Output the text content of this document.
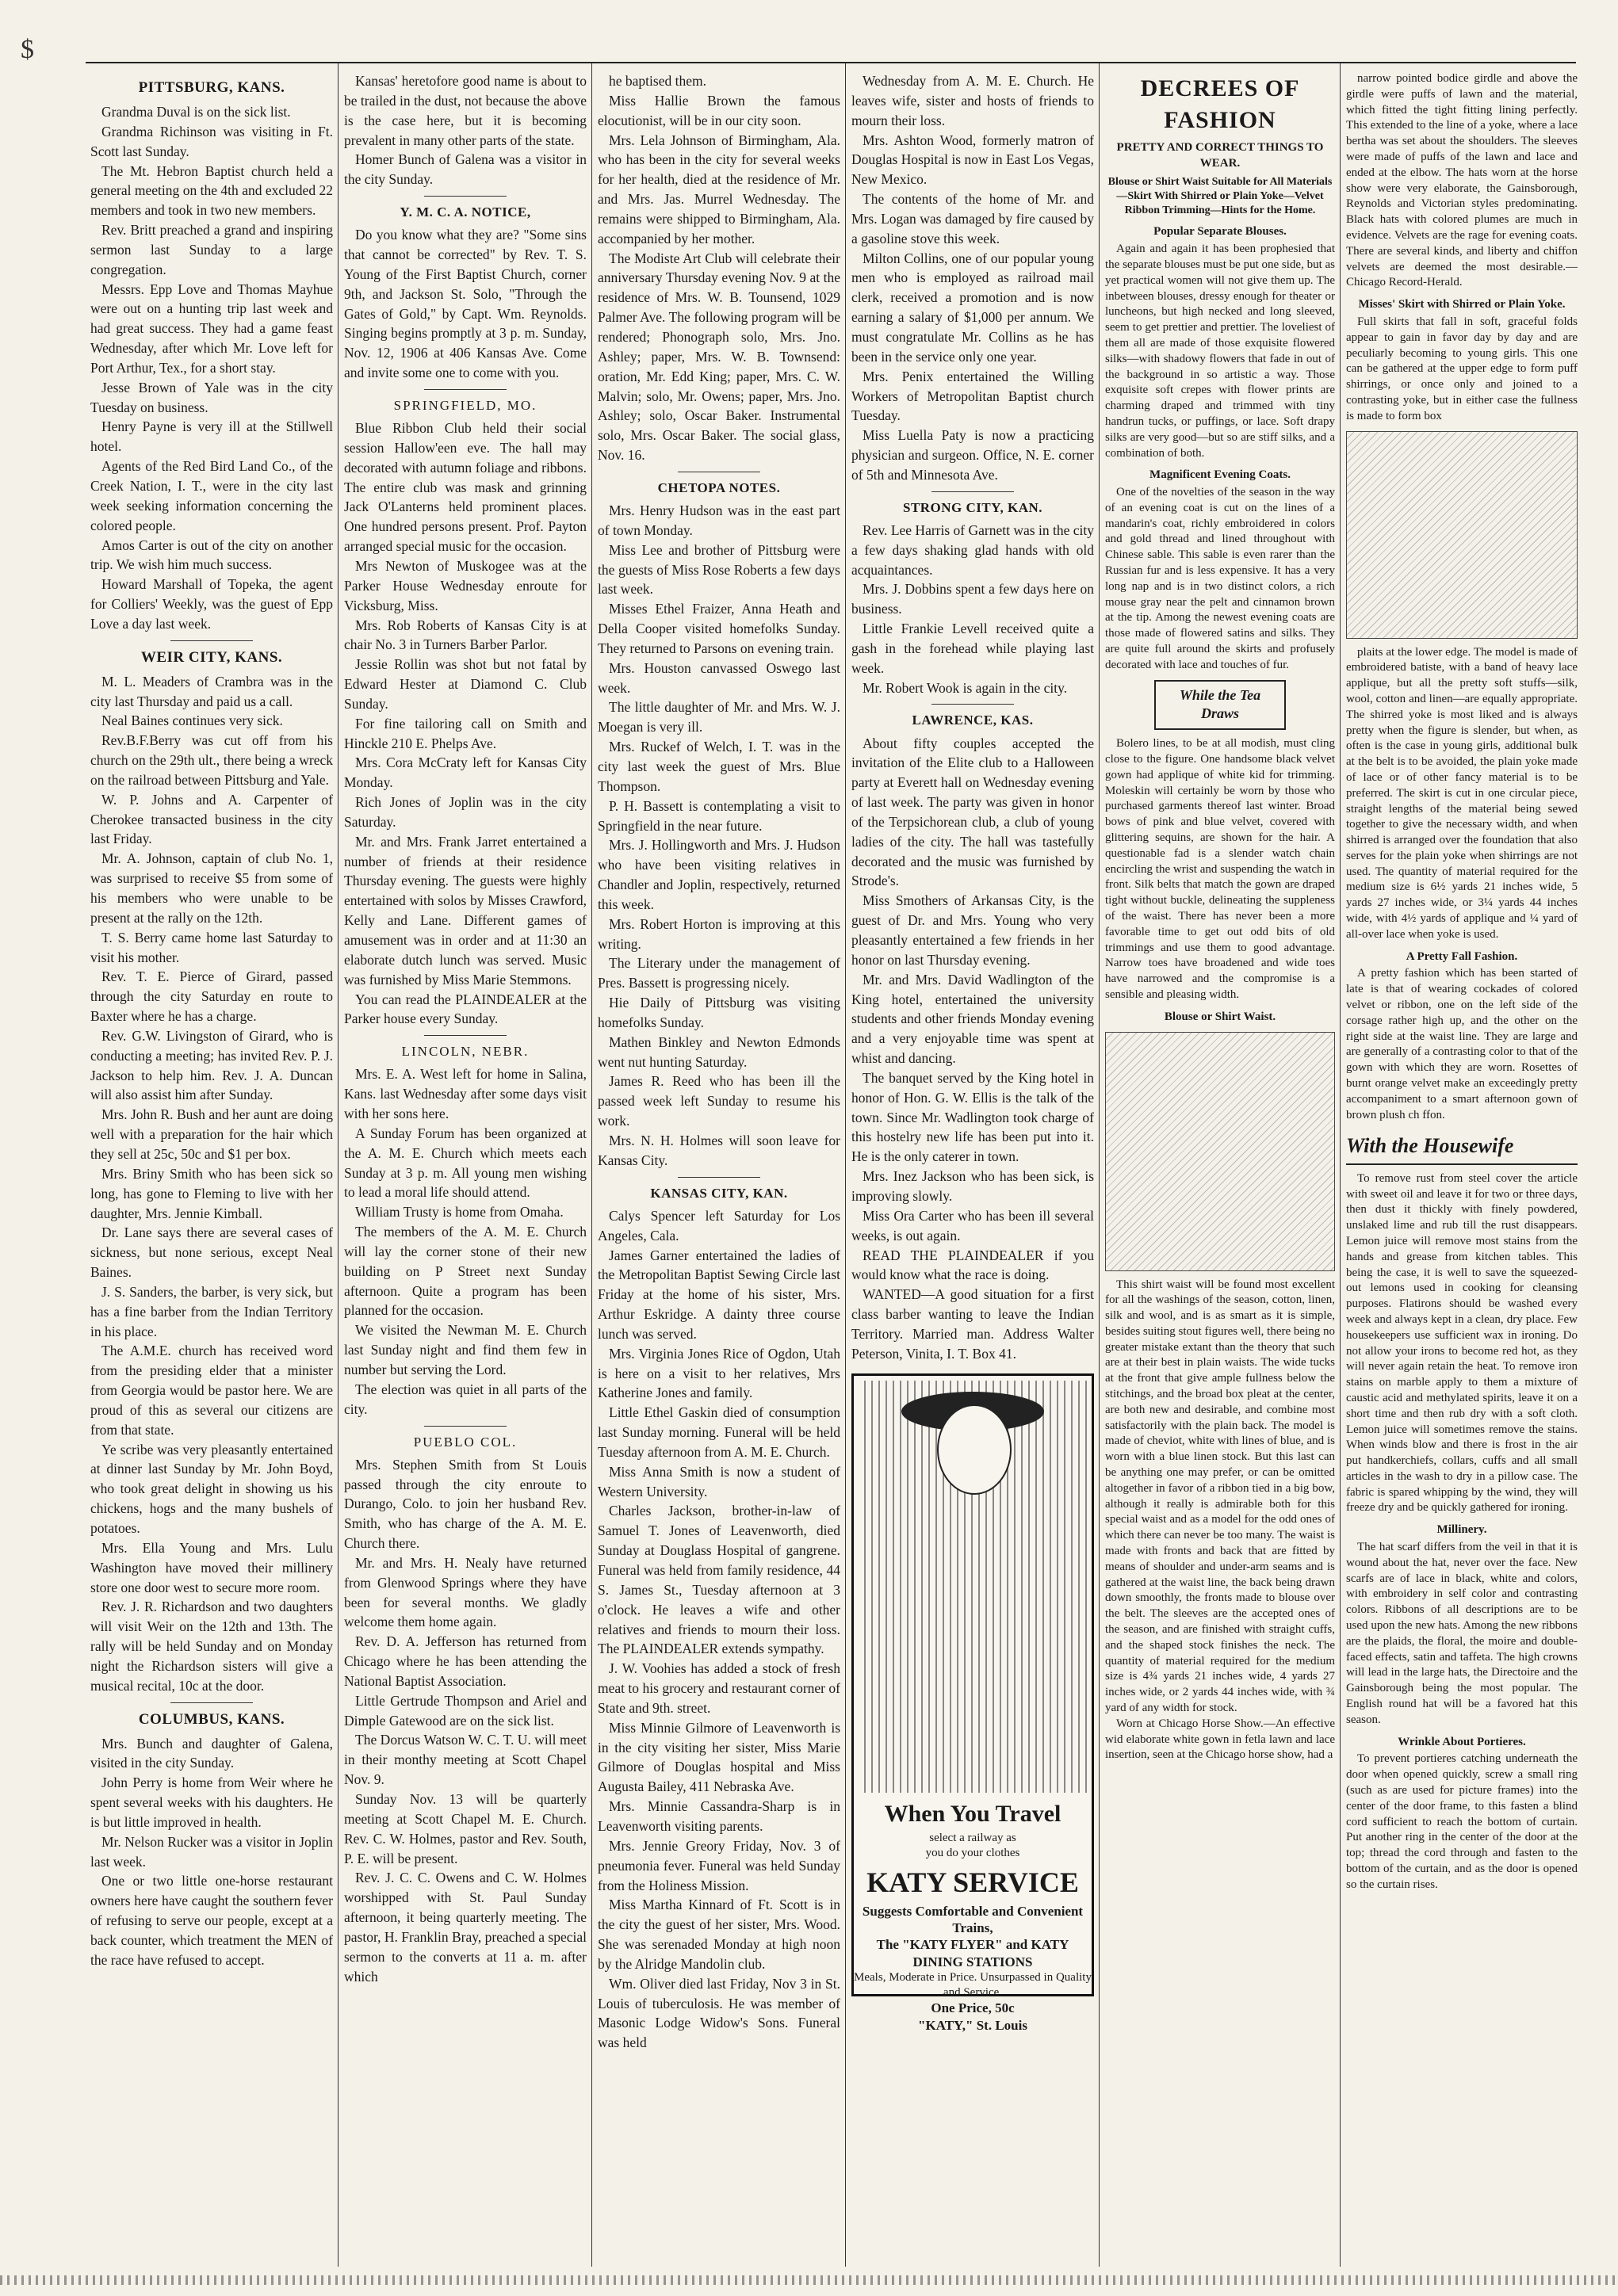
$
PITTSBURG, KANS.

Grandma Duval is on the sick list.

Grandma Richinson was visiting in Ft. Scott last Sunday.

The Mt. Hebron Baptist church held a general meeting on the 4th and excluded 22 members and took in two new members.

Rev. Britt preached a grand and inspiring sermon last Sunday to a large congregation.

Messrs. Epp Love and Thomas Mayhue were out on a hunting trip last week and had great success. They had a game feast Wednesday, after which Mr. Love left for Port Arthur, Tex., for a short stay.

Jesse Brown of Yale was in the city Tuesday on business.

Henry Payne is very ill at the Stillwell hotel.

Agents of the Red Bird Land Co., of the Creek Nation, I. T., were in the city last week seeking information concerning the colored people.

Amos Carter is out of the city on another trip. We wish him much success.

Howard Marshall of Topeka, the agent for Colliers' Weekly, was the guest of Epp Love a day last week.

WEIR CITY, KANS.

M. L. Meaders of Crambra was in the city last Thursday and paid us a call.

Neal Baines continues very sick.

Rev.B.F.Berry was cut off from his church on the 29th ult., there being a wreck on the railroad between Pittsburg and Yale.

W. P. Johns and A. Carpenter of Cherokee transacted business in the city last Friday.

Mr. A. Johnson, captain of club No. 1, was surprised to receive $5 from some of his members who were unable to be present at the rally on the 12th.

T. S. Berry came home last Saturday to visit his mother.

Rev. T. E. Pierce of Girard, passed through the city Saturday en route to Baxter where he has a charge.

Rev. G.W. Livingston of Girard, who is conducting a meeting; has invited Rev. P. J. Jackson to help him. Rev. J. A. Duncan will also assist him after Sunday.

Mrs. John R. Bush and her aunt are doing well with a preparation for the hair which they sell at 25c, 50c and $1 per box.

Mrs. Briny Smith who has been sick so long, has gone to Fleming to live with her daughter, Mrs. Jennie Kimball.

Dr. Lane says there are several cases of sickness, but none serious, except Neal Baines.

J. S. Sanders, the barber, is very sick, but has a fine barber from the Indian Territory in his place.

The A.M.E. church has received word from the presiding elder that a minister from Georgia would be pastor here. We are proud of this as several our citizens are from that state.

Ye scribe was very pleasantly entertained at dinner last Sunday by Mr. John Boyd, who took great delight in showing us his chickens, hogs and the many bushels of potatoes.

Mrs. Ella Young and Mrs. Lulu Washington have moved their millinery store one door west to secure more room.

Rev. J. R. Richardson and two daughters will visit Weir on the 12th and 13th. The rally will be held Sunday and on Monday night the Richardson sisters will give a musical recital, 10c at the door.

COLUMBUS, KANS.

Mrs. Bunch and daughter of Galena, visited in the city Sunday.

John Perry is home from Weir where he spent several weeks with his daughters. He is but little improved in health.

Mr. Nelson Rucker was a visitor in Joplin last week.

One or two little one-horse restaurant owners here have caught the southern fever of refusing to serve our people, except at a back counter, which treatment the MEN of the race have refused to accept.

Kansas' heretofore good name is about to be trailed in the dust, not because the above is the case here, but it is becoming prevalent in many other parts of the state.

Homer Bunch of Galena was a visitor in the city Sunday.

Y. M. C. A. NOTICE,

Do you know what they are? "Some sins that cannot be corrected" by Rev. T. S. Young of the First Baptist Church, corner 9th, and Jackson St. Solo, "Through the Gates of Gold," by Capt. Wm. Reynolds. Singing begins promptly at 3 p. m. Sunday, Nov. 12, 1906 at 406 Kansas Ave. Come and invite some one to come with you.

SPRINGFIELD, MO.

Blue Ribbon Club held their social session Hallow'een eve. The hall may decorated with autumn foliage and ribbons. The entire club was mask and grinning Jack O'Lanterns held prominent places. One hundred persons present. Prof. Payton arranged special music for the occasion.

Mrs Newton of Muskogee was at the Parker House Wednesday enroute for Vicksburg, Miss.

Mrs. Rob Roberts of Kansas City is at chair No. 3 in Turners Barber Parlor.

Jessie Rollin was shot but not fatal by Edward Hester at Diamond C. Club Sunday.

For fine tailoring call on Smith and Hinckle 210 E. Phelps Ave.

Mrs. Cora McCraty left for Kansas City Monday.

Rich Jones of Joplin was in the city Saturday.

Mr. and Mrs. Frank Jarret entertained a number of friends at their residence Thursday evening. The guests were highly entertained with solos by Misses Crawford, Kelly and Lane. Different games of amusement was in order and at 11:30 an elaborate dutch lunch was served. Music was furnished by Miss Marie Stemmons.

You can read the PLAINDEALER at the Parker house every Sunday.

LINCOLN, NEBR.

Mrs. E. A. West left for home in Salina, Kans. last Wednesday after some days visit with her sons here.

A Sunday Forum has been organized at the A. M. E. Church which meets each Sunday at 3 p. m. All young men wishing to lead a moral life should attend.

William Trusty is home from Omaha.

The members of the A. M. E. Church will lay the corner stone of their new building on P Street next Sunday afternoon. Quite a program has been planned for the occasion.

We visited the Newman M. E. Church last Sunday night and find them few in number but serving the Lord.

The election was quiet in all parts of the city.

PUEBLO COL.

Mrs. Stephen Smith from St Louis passed through the city enroute to Durango, Colo. to join her husband Rev. Smith, who has charge of the A. M. E. Church there.

Mr. and Mrs. H. Nealy have returned from Glenwood Springs where they have been for several months. We gladly welcome them home again.

Rev. D. A. Jefferson has returned from Chicago where he has been attending the National Baptist Association.

Little Gertrude Thompson and Ariel and Dimple Gatewood are on the sick list.

The Dorcus Watson W. C. T. U. will meet in their monthy meeting at Scott Chapel Nov. 9.

Sunday Nov. 13 will be quarterly meeting at Scott Chapel M. E. Church. Rev. C. W. Holmes, pastor and Rev. South, P. E. will be present.

Rev. J. C. C. Owens and C. W. Holmes worshipped with St. Paul Sunday afternoon, it being quarterly meeting. The pastor, H. Franklin Bray, preached a special sermon to the converts at 11 a. m. after which

he baptised them.

Miss Hallie Brown the famous elocutionist, will be in our city soon.

Mrs. Lela Johnson of Birmingham, Ala. who has been in the city for several weeks for her health, died at the residence of Mr. and Mrs. Jas. Murrel Wednesday. The remains were shipped to Birmingham, Ala. accompanied by her mother.

The Modiste Art Club will celebrate their anniversary Thursday evening Nov. 9 at the residence of Mrs. W. B. Tounsend, 1029 Palmer Ave. The following program will be rendered; Phonograph solo, Mrs. Jno. Ashley; paper, Mrs. W. B. Townsend: oration, Mr. Edd King; paper, Mrs. C. W. Malvin; solo, Mr. Owens; paper, Mrs. Jno. Ashley; solo, Oscar Baker. Instrumental solo, Mrs. Oscar Baker. The social glass, Nov. 16.

CHETOPA NOTES.

Mrs. Henry Hudson was in the east part of town Monday.

Miss Lee and brother of Pittsburg were the guests of Miss Rose Roberts a few days last week.

Misses Ethel Fraizer, Anna Heath and Della Cooper visited homefolks Sunday. They returned to Parsons on evening train.

Mrs. Houston canvassed Oswego last week.

The little daughter of Mr. and Mrs. W. J. Moegan is very ill.

Mrs. Ruckef of Welch, I. T. was in the city last week the guest of Mrs. Blue Thompson.

P. H. Bassett is contemplating a visit to Springfield in the near future.

Mrs. J. Hollingworth and Mrs. J. Hudson who have been visiting relatives in Chandler and Joplin, respectively, returned this week.

Mrs. Robert Horton is improving at this writing.

The Literary under the management of Pres. Bassett is progressing nicely.

Hie Daily of Pittsburg was visiting homefolks Sunday.

Mathen Binkley and Newton Edmonds went nut hunting Saturday.

James R. Reed who has been ill the passed week left Sunday to resume his work.

Mrs. N. H. Holmes will soon leave for Kansas City.

KANSAS CITY, KAN.

Calys Spencer left Saturday for Los Angeles, Cala.

James Garner entertained the ladies of the Metropolitan Baptist Sewing Circle last Friday at the home of his sister, Mrs. Arthur Eskridge. A dainty three course lunch was served.

Mrs. Virginia Jones Rice of Ogdon, Utah is here on a visit to her relatives, Mrs Katherine Jones and family.

Little Ethel Gaskin died of consumption last Sunday morning. Funeral will be held Tuesday afternoon from A. M. E. Church.

Miss Anna Smith is now a student of Western University.

Charles Jackson, brother-in-law of Samuel T. Jones of Leavenworth, died Sunday at Douglass Hospital of gangrene. Funeral was held from family residence, 44 S. James St., Tuesday afternoon at 3 o'clock. He leaves a wife and other relatives and friends to mourn their loss. The PLAINDEALER extends sympathy.

J. W. Voohies has added a stock of fresh meat to his grocery and restaurant corner of State and 9th. street.

Miss Minnie Gilmore of Leavenworth is in the city visiting her sister, Miss Marie Gilmore of Douglas hospital and Miss Augusta Bailey, 411 Nebraska Ave.

Mrs. Minnie Cassandra-Sharp is in Leavenworth visiting parents.

Mrs. Jennie Greory Friday, Nov. 3 of pneumonia fever. Funeral was held Sunday from the Holiness Mission.

Miss Martha Kinnard of Ft. Scott is in the city the guest of her sister, Mrs. Wood. She was serenaded Monday at high noon by the Alridge Mandolin club.

Wm. Oliver died last Friday, Nov 3 in St. Louis of tuberculosis. He was member of Masonic Lodge Widow's Sons. Funeral was held

Wednesday from A. M. E. Church. He leaves wife, sister and hosts of friends to mourn their loss.

Mrs. Ashton Wood, formerly matron of Douglas Hospital is now in East Los Vegas, New Mexico.

The contents of the home of Mr. and Mrs. Logan was damaged by fire caused by a gasoline stove this week.

Milton Collins, one of our popular young men who is employed as railroad mail clerk, received a promotion and is now earning a salary of $1,000 per annum. We must congratulate Mr. Collins as he has been in the service only one year.

Mrs. Penix entertained the Willing Workers of Metropolitan Baptist church Tuesday.

Miss Luella Paty is now a practicing physician and surgeon. Office, N. E. corner of 5th and Minnesota Ave.

STRONG CITY, KAN.

Rev. Lee Harris of Garnett was in the city a few days shaking glad hands with old acquaintances.

Mrs. J. Dobbins spent a few days here on business.

Little Frankie Levell received quite a gash in the forehead while playing last week.

Mr. Robert Wook is again in the city.

LAWRENCE, KAS.

About fifty couples accepted the invitation of the Elite club to a Halloween party at Everett hall on Wednesday evening of last week. The party was given in honor of the Terpsichorean club, a club of young ladies of the city. The hall was tastefully decorated and the music was furnished by Strode's.

Miss Smothers of Arkansas City, is the guest of Dr. and Mrs. Young who very pleasantly entertained a few friends in her honor on last Thursday evening.

Mr. and Mrs. David Wadlington of the King hotel, entertained the university students and other friends Monday evening and a very enjoyable time was spent at whist and dancing.

The banquet served by the King hotel in honor of Hon. G. W. Ellis is the talk of the town. Since Mr. Wadlington took charge of this hostelry new life has been put into it. He is the only caterer in town.

Mrs. Inez Jackson who has been sick, is improving slowly.

Miss Ora Carter who has been ill several weeks, is out again.

READ THE PLAINDEALER if you would know what the race is doing.

WANTED—A good situation for a first class barber wanting to leave the Indian Territory. Married man. Address Walter Peterson, Vinita, I. T. Box 41.

When You Travel
select a railway as
you do your clothes
KATY SERVICE
Suggests Comfortable and Convenient Trains,
The "KATY FLYER" and KATY DINING STATIONS
Meals, Moderate in Price. Unsurpassed in Quality and Service.
One Price, 50c
"KATY," St. Louis
DECREES OF FASHION
PRETTY AND CORRECT THINGS TO WEAR.
Blouse or Shirt Waist Suitable for All Materials—Skirt With Shirred or Plain Yoke—Velvet Ribbon Trimming—Hints for the Home.
Popular Separate Blouses.

Again and again it has been prophesied that the separate blouses must be put one side, but as yet practical women will not give them up. The inbetween blouses, dressy enough for theater or luncheons, but high necked and long sleeved, seem to get prettier and prettier. The loveliest of them all are made of those exquisite flowered silks—with shadowy flowers that fade in out of the background in so artistic a way. Those exquisite soft crepes with flower prints are charming draped and trimmed with tiny handrun tucks, or puffings, or lace. Soft drapy silks are very good—but so are stiff silks, and a combination of both.

Magnificent Evening Coats.

One of the novelties of the season in the way of an evening coat is cut on the lines of a mandarin's coat, richly embroidered in colors and gold thread and lined throughout with Chinese sable. This sable is even rarer than the Russian fur and is less expensive. It has a very long nap and is in two distinct colors, a rich mouse gray near the pelt and cinnamon brown at the tip. Among the newest evening coats are those made of flowered satins and silks. They are quite full around the skirts and profusely decorated with lace and touches of fur.

While the Tea Draws

Bolero lines, to be at all modish, must cling close to the figure. One handsome black velvet gown had applique of white kid for trimming. Moleskin will certainly be worn by those who purchased garments thereof last winter. Broad bows of pink and blue velvet, covered with glittering sequins, are shown for the hair. A questionable fad is a slender watch chain encircling the wrist and suspending the watch in front. Silk belts that match the gown are draped tight without buckle, delineating the suppleness of the waist. There has never been a more favorable time to get out odd bits of old trimmings and use them to good advantage. Narrow toes have broadened and wide toes have narrowed and the compromise is a sensible and pleasing width.

Blouse or Shirt Waist.

This shirt waist will be found most excellent for all the washings of the season, cotton, linen, silk and wool, and is as smart as it is simple, besides suiting stout figures well, there being no greater mistake extant than the theory that such are at their best in plain waists. The wide tucks at the front that give ample fullness below the stitchings, and the broad box pleat at the center, are both new and desirable, and combine most satisfactorily with the plain back. The model is made of cheviot, white with lines of blue, and is worn with a blue linen stock. But this last can be anything one may prefer, or can be omitted altogether in favor of a ribbon tied in a big bow, although it really is admirable both for this special waist and as a model for the odd ones of which there can never be too many. The waist is made with fronts and back that are fitted by means of shoulder and under-arm seams and is gathered at the waist line, the back being drawn down smoothly, the fronts made to blouse over the belt. The sleeves are the accepted ones of the season, and are finished with straight cuffs, and the shaped stock finishes the neck. The quantity of material required for the medium size is 4¾ yards 21 inches wide, 4 yards 27 inches wide, or 2 yards 44 inches wide, with ¾ yard of any width for stock.

Worn at Chicago Horse Show.—An effective wid elaborate white gown in fetla lawn and lace insertion, seen at the Chicago horse show, had a

narrow pointed bodice girdle and above the girdle were puffs of lawn and the material, which fitted the tight fitting lining perfectly. This extended to the line of a yoke, where a lace bertha was set about the shoulders. The sleeves were made of puffs of the lawn and lace and ended at the elbow. The hats worn at the horse show were very elaborate, the Gainsborough, Reynolds and Victorian styles predominating. Black hats with colored plumes are much in evidence. Velvets are the rage for evening coats. There are several kinds, and liberty and chiffon velvets are deemed the most desirable.—Chicago Record-Herald.

Misses' Skirt with Shirred or Plain Yoke.

Full skirts that fall in soft, graceful folds appear to gain in favor day by day and are peculiarly becoming to young girls. This one can be gathered at the upper edge to form puff shirrings, or once only and joined to a contrasting yoke, but in either case the fullness is made to form box

plaits at the lower edge. The model is made of embroidered batiste, with a band of heavy lace applique, but all the pretty soft stuffs—silk, wool, cotton and linen—are equally appropriate. The shirred yoke is most liked and is always pretty when the figure is slender, but when, as often is the case in young girls, additional bulk at the belt is to be avoided, the plain yoke made of lace or of other fancy material is to be preferred. The skirt is cut in one circular piece, straight lengths of the material being sewed together to give the necessary width, and when shirred is arranged over the foundation that also serves for the plain yoke when shirrings are not used. The quantity of material required for the medium size is 6½ yards 21 inches wide, 5 yards 27 inches wide, or 3¼ yards 44 inches wide, with 4½ yards of applique and ¼ yard of all-over lace when yoke is used.

A Pretty Fall Fashion.

A pretty fashion which has been started of late is that of wearing cockades of colored velvet or ribbon, one on the left side of the corsage rather high up, and the other on the right side at the waist line. They are large and are generally of a contrasting color to that of the gown with which they are worn. Rosettes of burnt orange velvet make an exceedingly pretty accompaniment to a smart afternoon gown of brown plush ch ffon.

With the Housewife

To remove rust from steel cover the article with sweet oil and leave it for two or three days, then dust it thickly with finely powdered, unslaked lime and rub till the rust disappears. Lemon juice will remove most stains from the hands and grease from kitchen tables. This being the case, it is well to save the squeezed-out lemons used in cooking for cleansing purposes. Flatirons should be washed every week and always kept in a clean, dry place. Few housekeepers use sufficient wax in ironing. Do not allow your irons to become red hot, as they will never again retain the heat. To remove iron stains on marble apply to them a mixture of caustic acid and methylated spirits, leave it on a short time and then rub dry with a soft cloth. Lemon juice will sometimes remove the stains. When winds blow and there is frost in the air put handkerchiefs, collars, cuffs and all small articles in the wash to dry in a pillow case. The fabric is spared whipping by the wind, they will freeze dry and be quickly gathered for ironing.

Millinery.

The hat scarf differs from the veil in that it is wound about the hat, never over the face. New scarfs are of lace in black, white and colors, with embroidery in self color and contrasting colors. Ribbons of all descriptions are to be used upon the new hats. Among the new ribbons are the plaids, the floral, the moire and double-faced effects, satin and taffeta. The high crowns will lead in the large hats, the Directoire and the Gainsborough being the most popular. The English round hat will be a favored hat this season.

Wrinkle About Portieres.

To prevent portieres catching underneath the door when opened quickly, screw a small ring (such as are used for picture frames) into the center of the door frame, to this fasten a blind cord sufficient to reach the bottom of curtain. Put another ring in the center of the door at the top; thread the cord through and fasten to the bottom of the curtain, and as the door is opened so the curtain rises.
